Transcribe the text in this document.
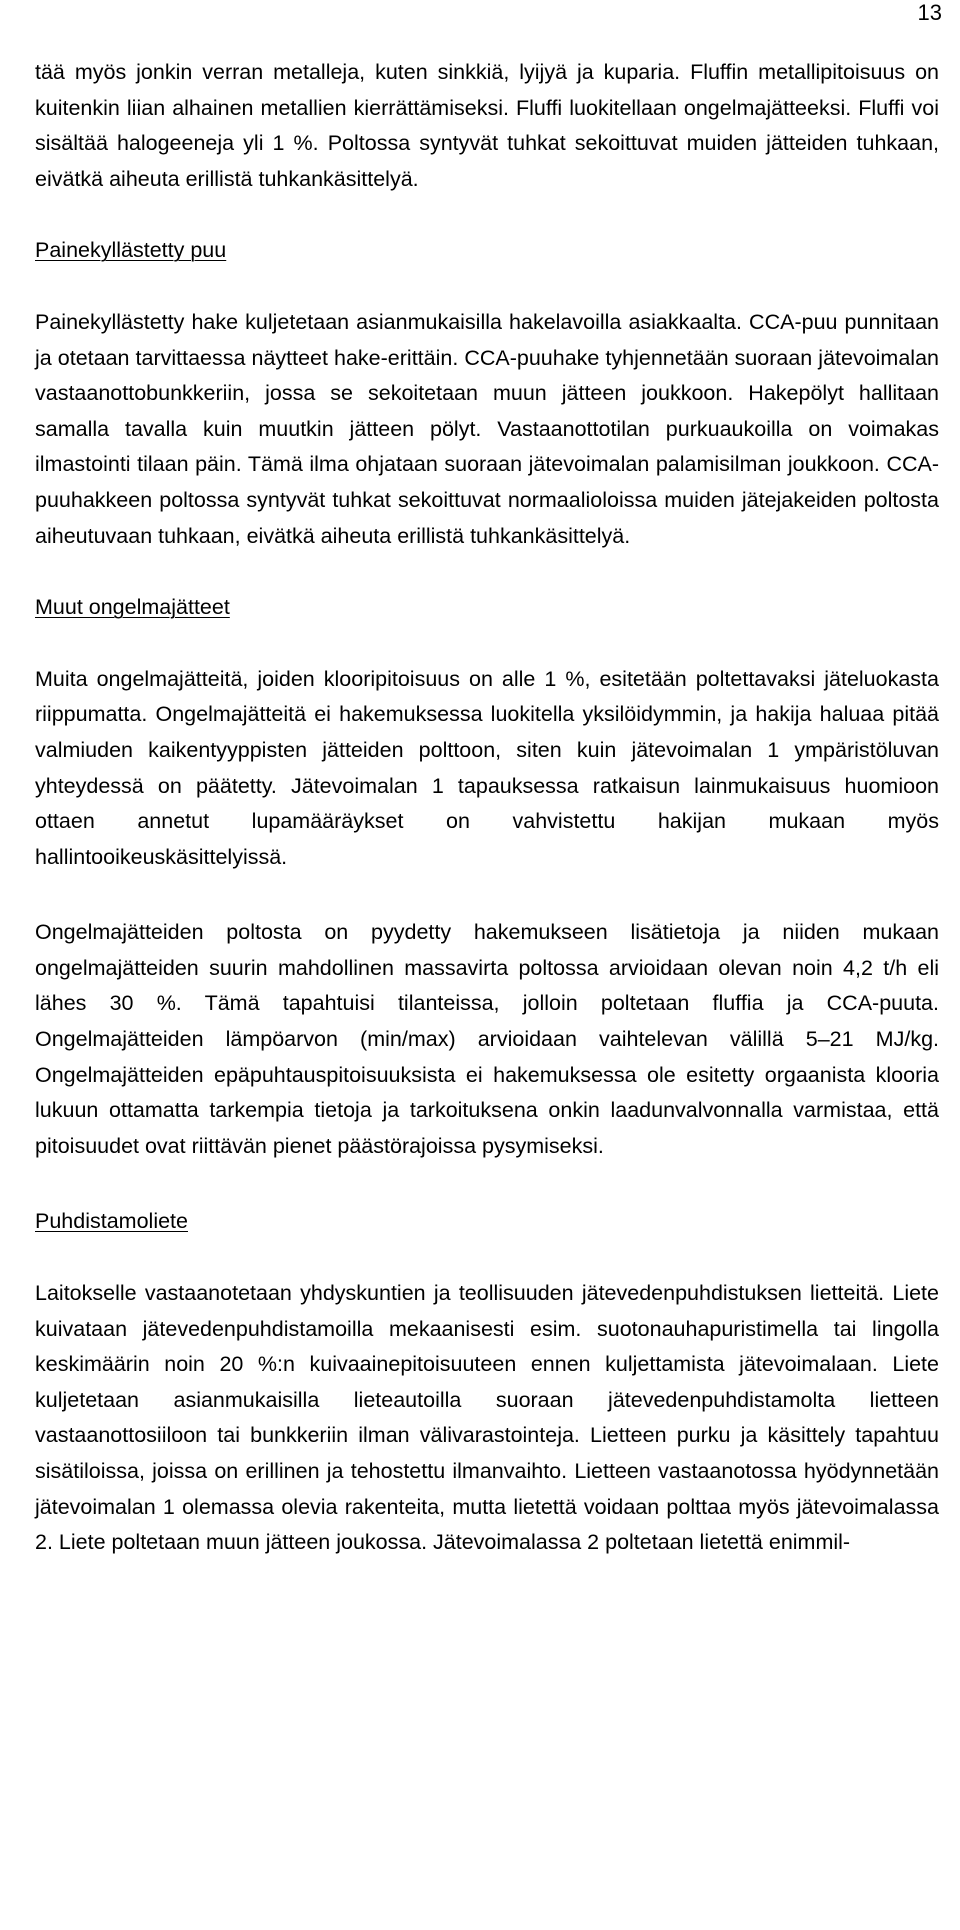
13

tää myös jonkin verran metalleja, kuten sinkkiä, lyijyä ja kuparia. Fluffin metallipitoisuus on kuitenkin liian alhainen metallien kierrättämiseksi. Fluffi luokitellaan ongelmajätteeksi. Fluffi voi sisältää halogeeneja yli 1 %. Poltossa syntyvät tuhkat sekoittuvat muiden jätteiden tuhkaan, eivätkä aiheuta erillistä tuhkankäsittelyä.

Painekyllästetty puu

Painekyllästetty hake kuljetetaan asianmukaisilla hakelavoilla asiakkaalta. CCA-puu punnitaan ja otetaan tarvittaessa näytteet hake-erittäin. CCA-puuhake tyhjennetään suoraan jätevoimalan vastaanottobunkkeriin, jossa se sekoitetaan muun jätteen joukkoon. Hakepölyt hallitaan samalla tavalla kuin muutkin jätteen pölyt. Vastaanottotilan purkuaukoilla on voimakas ilmastointi tilaan päin. Tämä ilma ohjataan suoraan jätevoimalan palamisilman joukkoon. CCA-puuhakkeen poltossa syntyvät tuhkat sekoittuvat normaalioloissa muiden jätejakeiden poltosta aiheutuvaan tuhkaan, eivätkä aiheuta erillistä tuhkankäsittelyä.

Muut ongelmajätteet

Muita ongelmajätteitä, joiden klooripitoisuus on alle 1 %, esitetään poltettavaksi jäteluokasta riippumatta. Ongelmajätteitä ei hakemuksessa luokitella yksilöidymmin, ja hakija haluaa pitää valmiuden kaikentyyppisten jätteiden polttoon, siten kuin jätevoimalan 1 ympäristöluvan yhteydessä on päätetty. Jätevoimalan 1 tapauksessa ratkaisun lainmukaisuus huomioon ottaen annetut lupamääräykset on vahvistettu hakijan mukaan myös hallintooikeuskäsittelyissä.

Ongelmajätteiden poltosta on pyydetty hakemukseen lisätietoja ja niiden mukaan ongelmajätteiden suurin mahdollinen massavirta poltossa arvioidaan olevan noin 4,2 t/h eli lähes 30 %. Tämä tapahtuisi tilanteissa, jolloin poltetaan fluffia ja CCA-puuta. Ongelmajätteiden lämpöarvon (min/max) arvioidaan vaihtelevan välillä 5–21 MJ/kg. Ongelmajätteiden epäpuhtauspitoisuuksista ei hakemuksessa ole esitetty orgaanista klooria lukuun ottamatta tarkempia tietoja ja tarkoituksena onkin laadunvalvonnalla varmistaa, että pitoisuudet ovat riittävän pienet päästörajoissa pysymiseksi.

Puhdistamoliete

Laitokselle vastaanotetaan yhdyskuntien ja teollisuuden jätevedenpuhdistuksen lietteitä. Liete kuivataan jätevedenpuhdistamoilla mekaanisesti esim. suotonauhapuristimella tai lingolla keskimäärin noin 20 %:n kuivaainepitoisuuteen ennen kuljettamista jätevoimalaan. Liete kuljetetaan asianmukaisilla lieteautoilla suoraan jätevedenpuhdistamolta lietteen vastaanottosiiloon tai bunkkeriin ilman välivarastointeja. Lietteen purku ja käsittely tapahtuu sisätiloissa, joissa on erillinen ja tehostettu ilmanvaihto. Lietteen vastaanotossa hyödynnetään jätevoimalan 1 olemassa olevia rakenteita, mutta lietettä voidaan polttaa myös jätevoimalassa 2. Liete poltetaan muun jätteen joukossa. Jätevoimalassa 2 poltetaan lietettä enimmil-
